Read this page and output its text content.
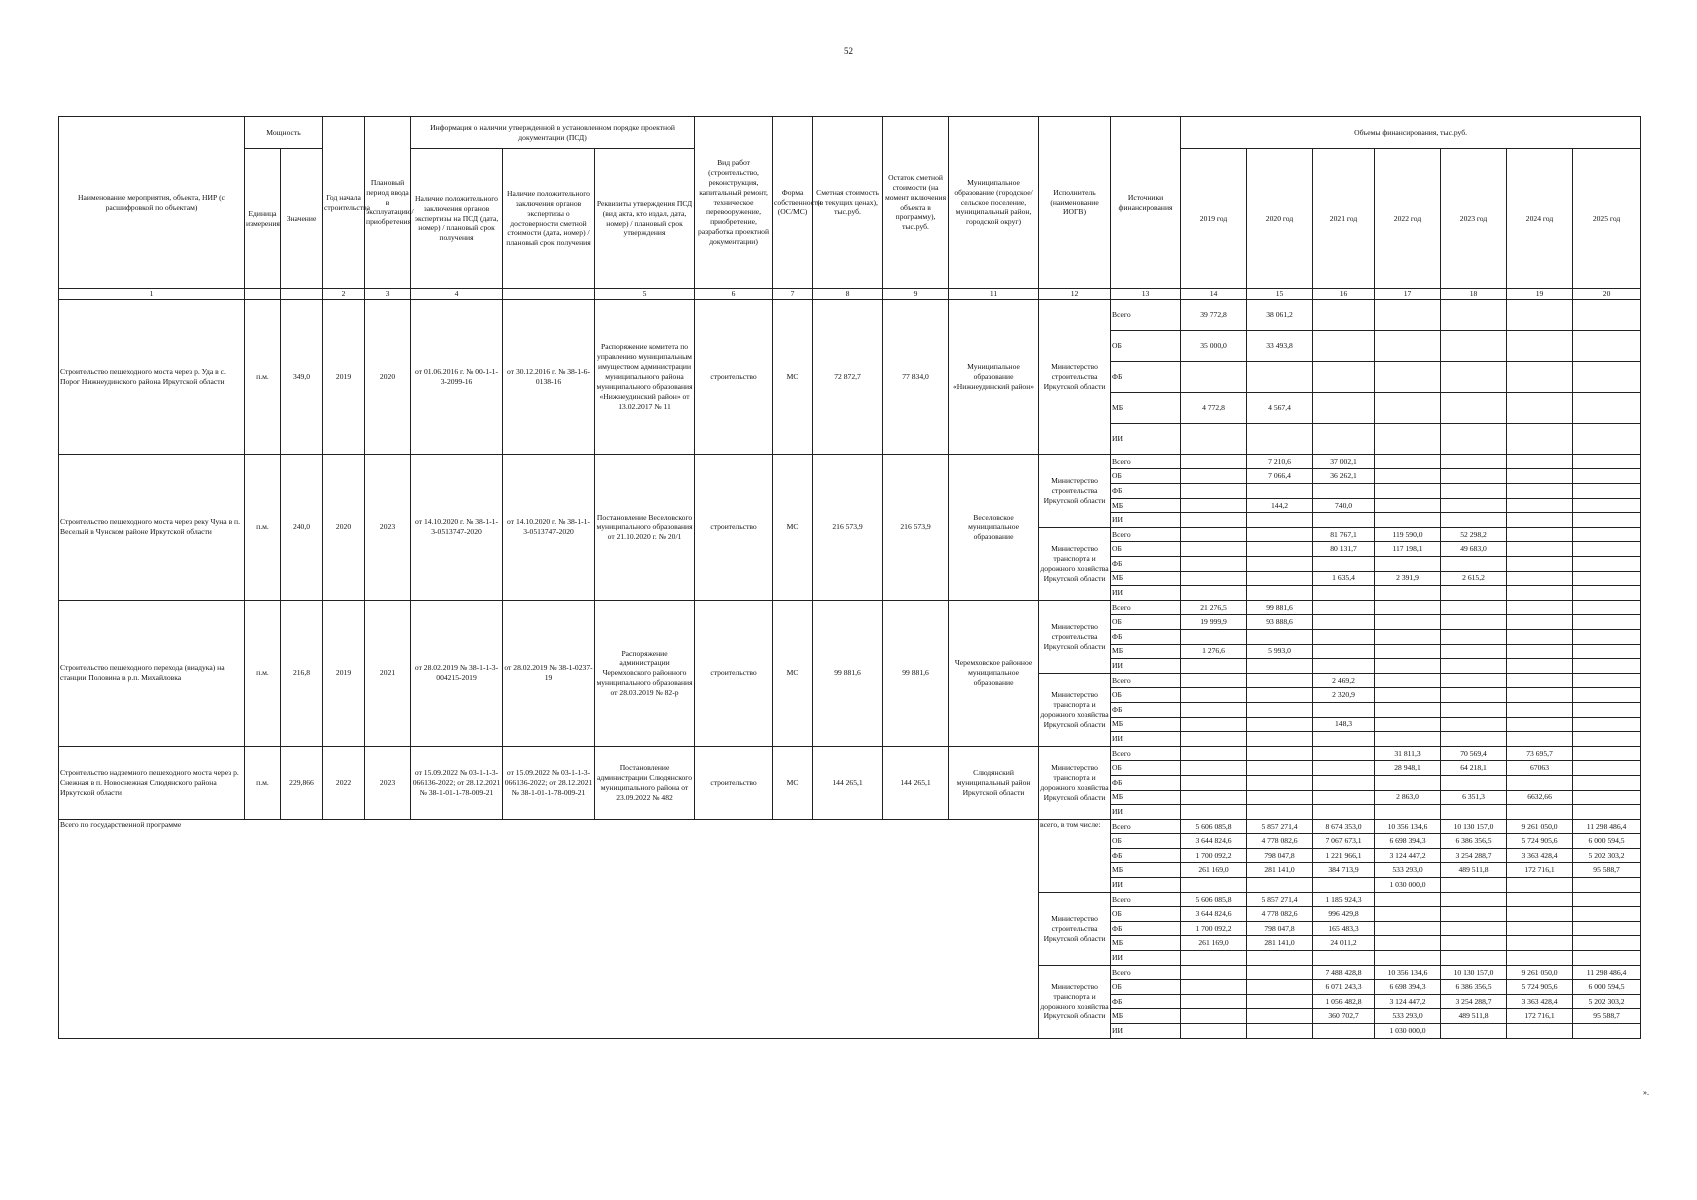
52
Наименование мероприятия, объекта, НИР (с расшифровкой по объектам)	Мощность		Год начала строительства	Плановый период ввода в эксплуатацию/приобретения	Информация о наличии утвержденной в установленном порядке проектной документации (ПСД)			Вид работ (строительство, реконструкция, капитальный ремонт, техническое перевооружение, приобретение, разработка проектной документации)	Форма собственности (ОС/МС)	Сметная стоимость (в текущих ценах), тыс.руб.	Остаток сметной стоимости (на момент включения объекта в программу), тыс.руб.	Муниципальное образование (городское/сельское поселение, муниципальный район, городской округ)	Исполнитель (наименование ИОГВ)	Источники финансирования	Объемы финансирования, тыс.руб.						
	Единица измерения	Значение			Наличие положительного заключения органов экспертизы на ПСД (дата, номер) / плановый срок получения	Наличие положительного заключения органов экспертизы о достоверности сметной стоимости (дата, номер) / плановый срок получения	Реквизиты утверждения ПСД (вид акта, кто издал, дата, номер) / плановый срок утверждения								2019 год	2020 год	2021 год	2022 год	2023 год	2024 год	2025 год
1			2	3	4		5	6	7	8	9	11	12	13	14	15	16	17	18	19	20
Строительство пешеходного моста через р. Уда в с. Порог Нижнеудинского района Иркутской области	п.м.	349,0	2019	2020	от 01.06.2016 г. № 00-1-1-3-2099-16	от 30.12.2016 г. № 38-1-6-0138-16	Распоряжение комитета по управлению муниципальным имуществом администрации муниципального района муниципального образования «Нижнеудинский район» от 13.02.2017 № 11	строительство	МС	72 872,7	77 834,0	Муниципальное образование «Нижнеудинский район»	Министерство строительства Иркутской области	Всего	39 772,8	38 061,2					
														ОБ	35 000,0	33 493,8					
														ФБ							
														МБ	4 772,8	4 567,4					
														ИИ							
Строительство пешеходного моста через реку Чуна в п. Веселый в Чунском районе Иркутской области	п.м.	240,0	2020	2023	от 14.10.2020 г. № 38-1-1-3-0513747-2020	от 14.10.2020 г. № 38-1-1-3-0513747-2020	Постановление Веселовского муниципального образования от 21.10.2020 г. № 20/1	строительство	МС	216 573,9	216 573,9	Веселовское муниципальное образование	Министерство строительства Иркутской области	Всего		7 210,6	37 002,1				
														ОБ		7 066,4	36 262,1				
														ФБ							
														МБ		144,2	740,0				
														ИИ							
													Министерство транспорта и дорожного хозяйства Иркутской области	Всего			81 767,1	119 590,0	52 298,2		
														ОБ			80 131,7	117 198,1	49 683,0		
														ФБ							
														МБ			1 635,4	2 391,9	2 615,2		
														ИИ							
Строительство пешеходного перехода (виадука) на станции Половина в р.п. Михайловка	п.м.	216,8	2019	2021	от 28.02.2019 № 38-1-1-3-004215-2019	от 28.02.2019 № 38-1-0237-19	Распоряжение администрации Черемховского районного муниципального образования от 28.03.2019 № 82-р	строительство	МС	99 881,6	99 881,6	Черемховское районное муниципальное образование	Министерство строительства Иркутской области	Всего	21 276,5	99 881,6					
														ОБ	19 999,9	93 888,6					
														ФБ							
														МБ	1 276,6	5 993,0					
														ИИ							
													Министерство транспорта и дорожного хозяйства Иркутской области	Всего			2 469,2				
														ОБ			2 320,9				
														ФБ							
														МБ			148,3				
														ИИ							
Строительство надземного пешеходного моста через р. Снежная в п. Новоснежная Слюдянского района Иркутской области	п.м.	229,866	2022	2023	от 15.09.2022 № 03-1-1-3-066136-2022; от 28.12.2021 № 38-1-01-1-78-009-21	от 15.09.2022 № 03-1-1-3-066136-2022; от 28.12.2021 № 38-1-01-1-78-009-21	Постановление администрации Слюдянского муниципального района от 23.09.2022 № 482	строительство	МС	144 265,1	144 265,1	Слюдянский муниципальный район Иркутской области	Министерство транспорта и дорожного хозяйства Иркутской области	Всего				31 811,3	70 569,4	73 695,7	
														ОБ				28 948,1	64 218,1	67063	
														ФБ							
														МБ				2 863,0	6 351,3	6632,66	
														ИИ							
Всего по государственной программе													всего, в том числе:	Всего	5 606 085,8	5 857 271,4	8 674 353,0	10 356 134,6	10 130 157,0	9 261 050,0	11 298 486,4
														ОБ	3 644 824,6	4 778 082,6	7 067 673,1	6 698 394,3	6 386 356,5	5 724 905,6	6 000 594,5
														ФБ	1 700 092,2	798 047,8	1 221 966,1	3 124 447,2	3 254 288,7	3 363 428,4	5 202 303,2
														МБ	261 169,0	281 141,0	384 713,9	533 293,0	489 511,8	172 716,1	95 588,7
														ИИ				1 030 000,0			
													Министерство строительства Иркутской области	Всего	5 606 085,8	5 857 271,4	1 185 924,3				
														ОБ	3 644 824,6	4 778 082,6	996 429,8				
														ФБ	1 700 092,2	798 047,8	165 483,3				
														МБ	261 169,0	281 141,0	24 011,2				
														ИИ							
													Министерство транспорта и дорожного хозяйства Иркутской области	Всего			7 488 428,8	10 356 134,6	10 130 157,0	9 261 050,0	11 298 486,4
														ОБ			6 071 243,3	6 698 394,3	6 386 356,5	5 724 905,6	6 000 594,5
														ФБ			1 056 482,8	3 124 447,2	3 254 288,7	3 363 428,4	5 202 303,2
														МБ			360 702,7	533 293,0	489 511,8	172 716,1	95 588,7
														ИИ				1 030 000,0			
».
